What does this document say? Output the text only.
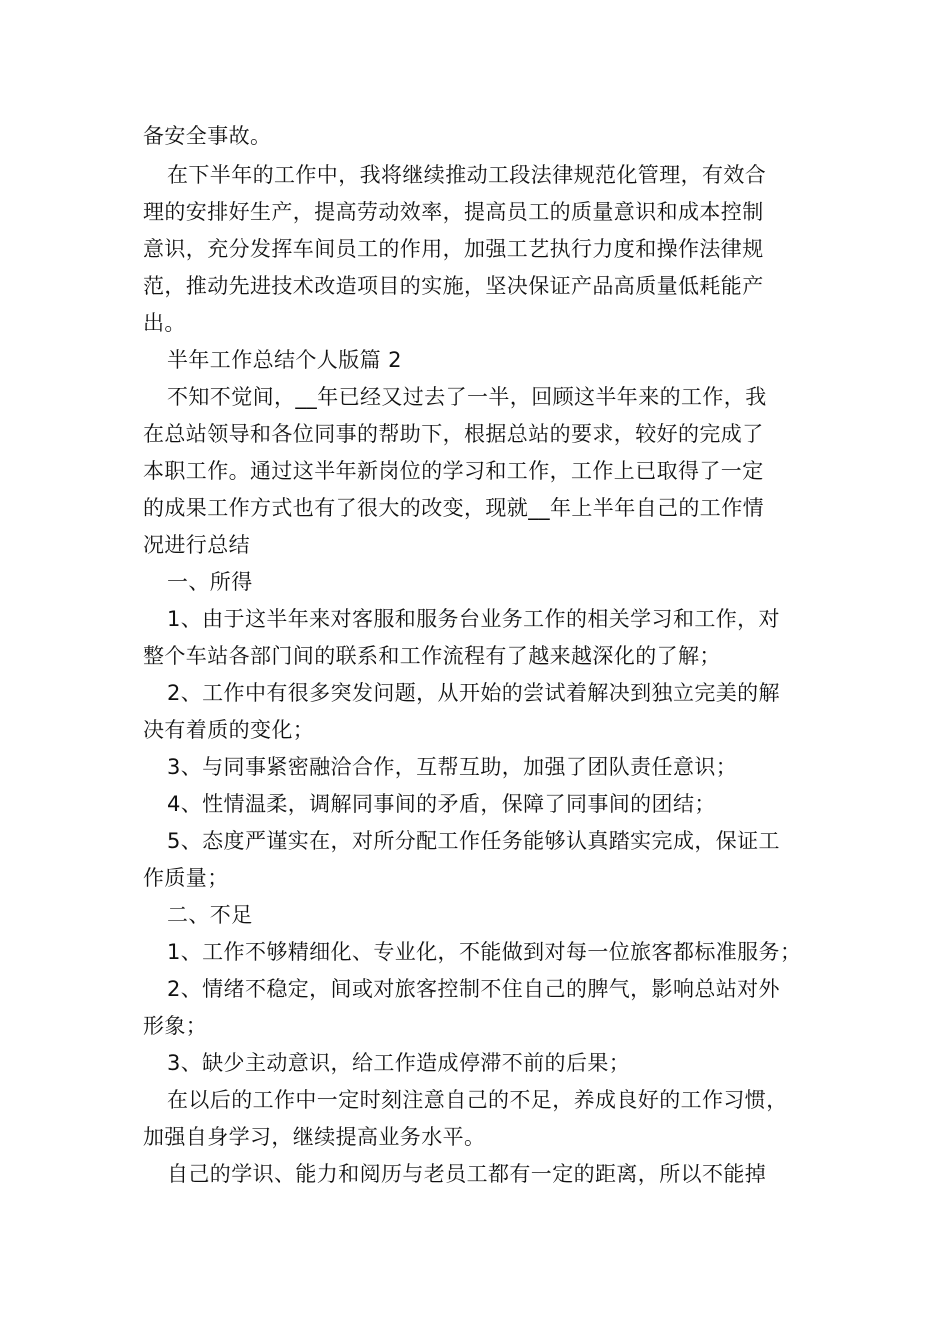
备安全事故。
在下半年的工作中，我将继续推动工段法律规范化管理，有效合
理的安排好生产，提高劳动效率，提高员工的质量意识和成本控制
意识，充分发挥车间员工的作用，加强工艺执行力度和操作法律规
范，推动先进技术改造项目的实施，坚决保证产品高质量低耗能产
出。
半年工作总结个人版篇 2
不知不觉间，__年已经又过去了一半，回顾这半年来的工作，我
在总站领导和各位同事的帮助下，根据总站的要求，较好的完成了
本职工作。通过这半年新岗位的学习和工作，工作上已取得了一定
的成果工作方式也有了很大的改变，现就__年上半年自己的工作情
况进行总结
一、所得
1、由于这半年来对客服和服务台业务工作的相关学习和工作，对
整个车站各部门间的联系和工作流程有了越来越深化的了解；
2、工作中有很多突发问题，从开始的尝试着解决到独立完美的解
决有着质的变化；
3、与同事紧密融洽合作，互帮互助，加强了团队责任意识；
4、性情温柔，调解同事间的矛盾，保障了同事间的团结；
5、态度严谨实在，对所分配工作任务能够认真踏实完成，保证工
作质量；
二、不足
1、工作不够精细化、专业化，不能做到对每一位旅客都标准服务；
2、情绪不稳定，间或对旅客控制不住自己的脾气，影响总站对外
形象；
3、缺少主动意识，给工作造成停滞不前的后果；
在以后的工作中一定时刻注意自己的不足，养成良好的工作习惯，
加强自身学习，继续提高业务水平。
自己的学识、能力和阅历与老员工都有一定的距离，所以不能掉
